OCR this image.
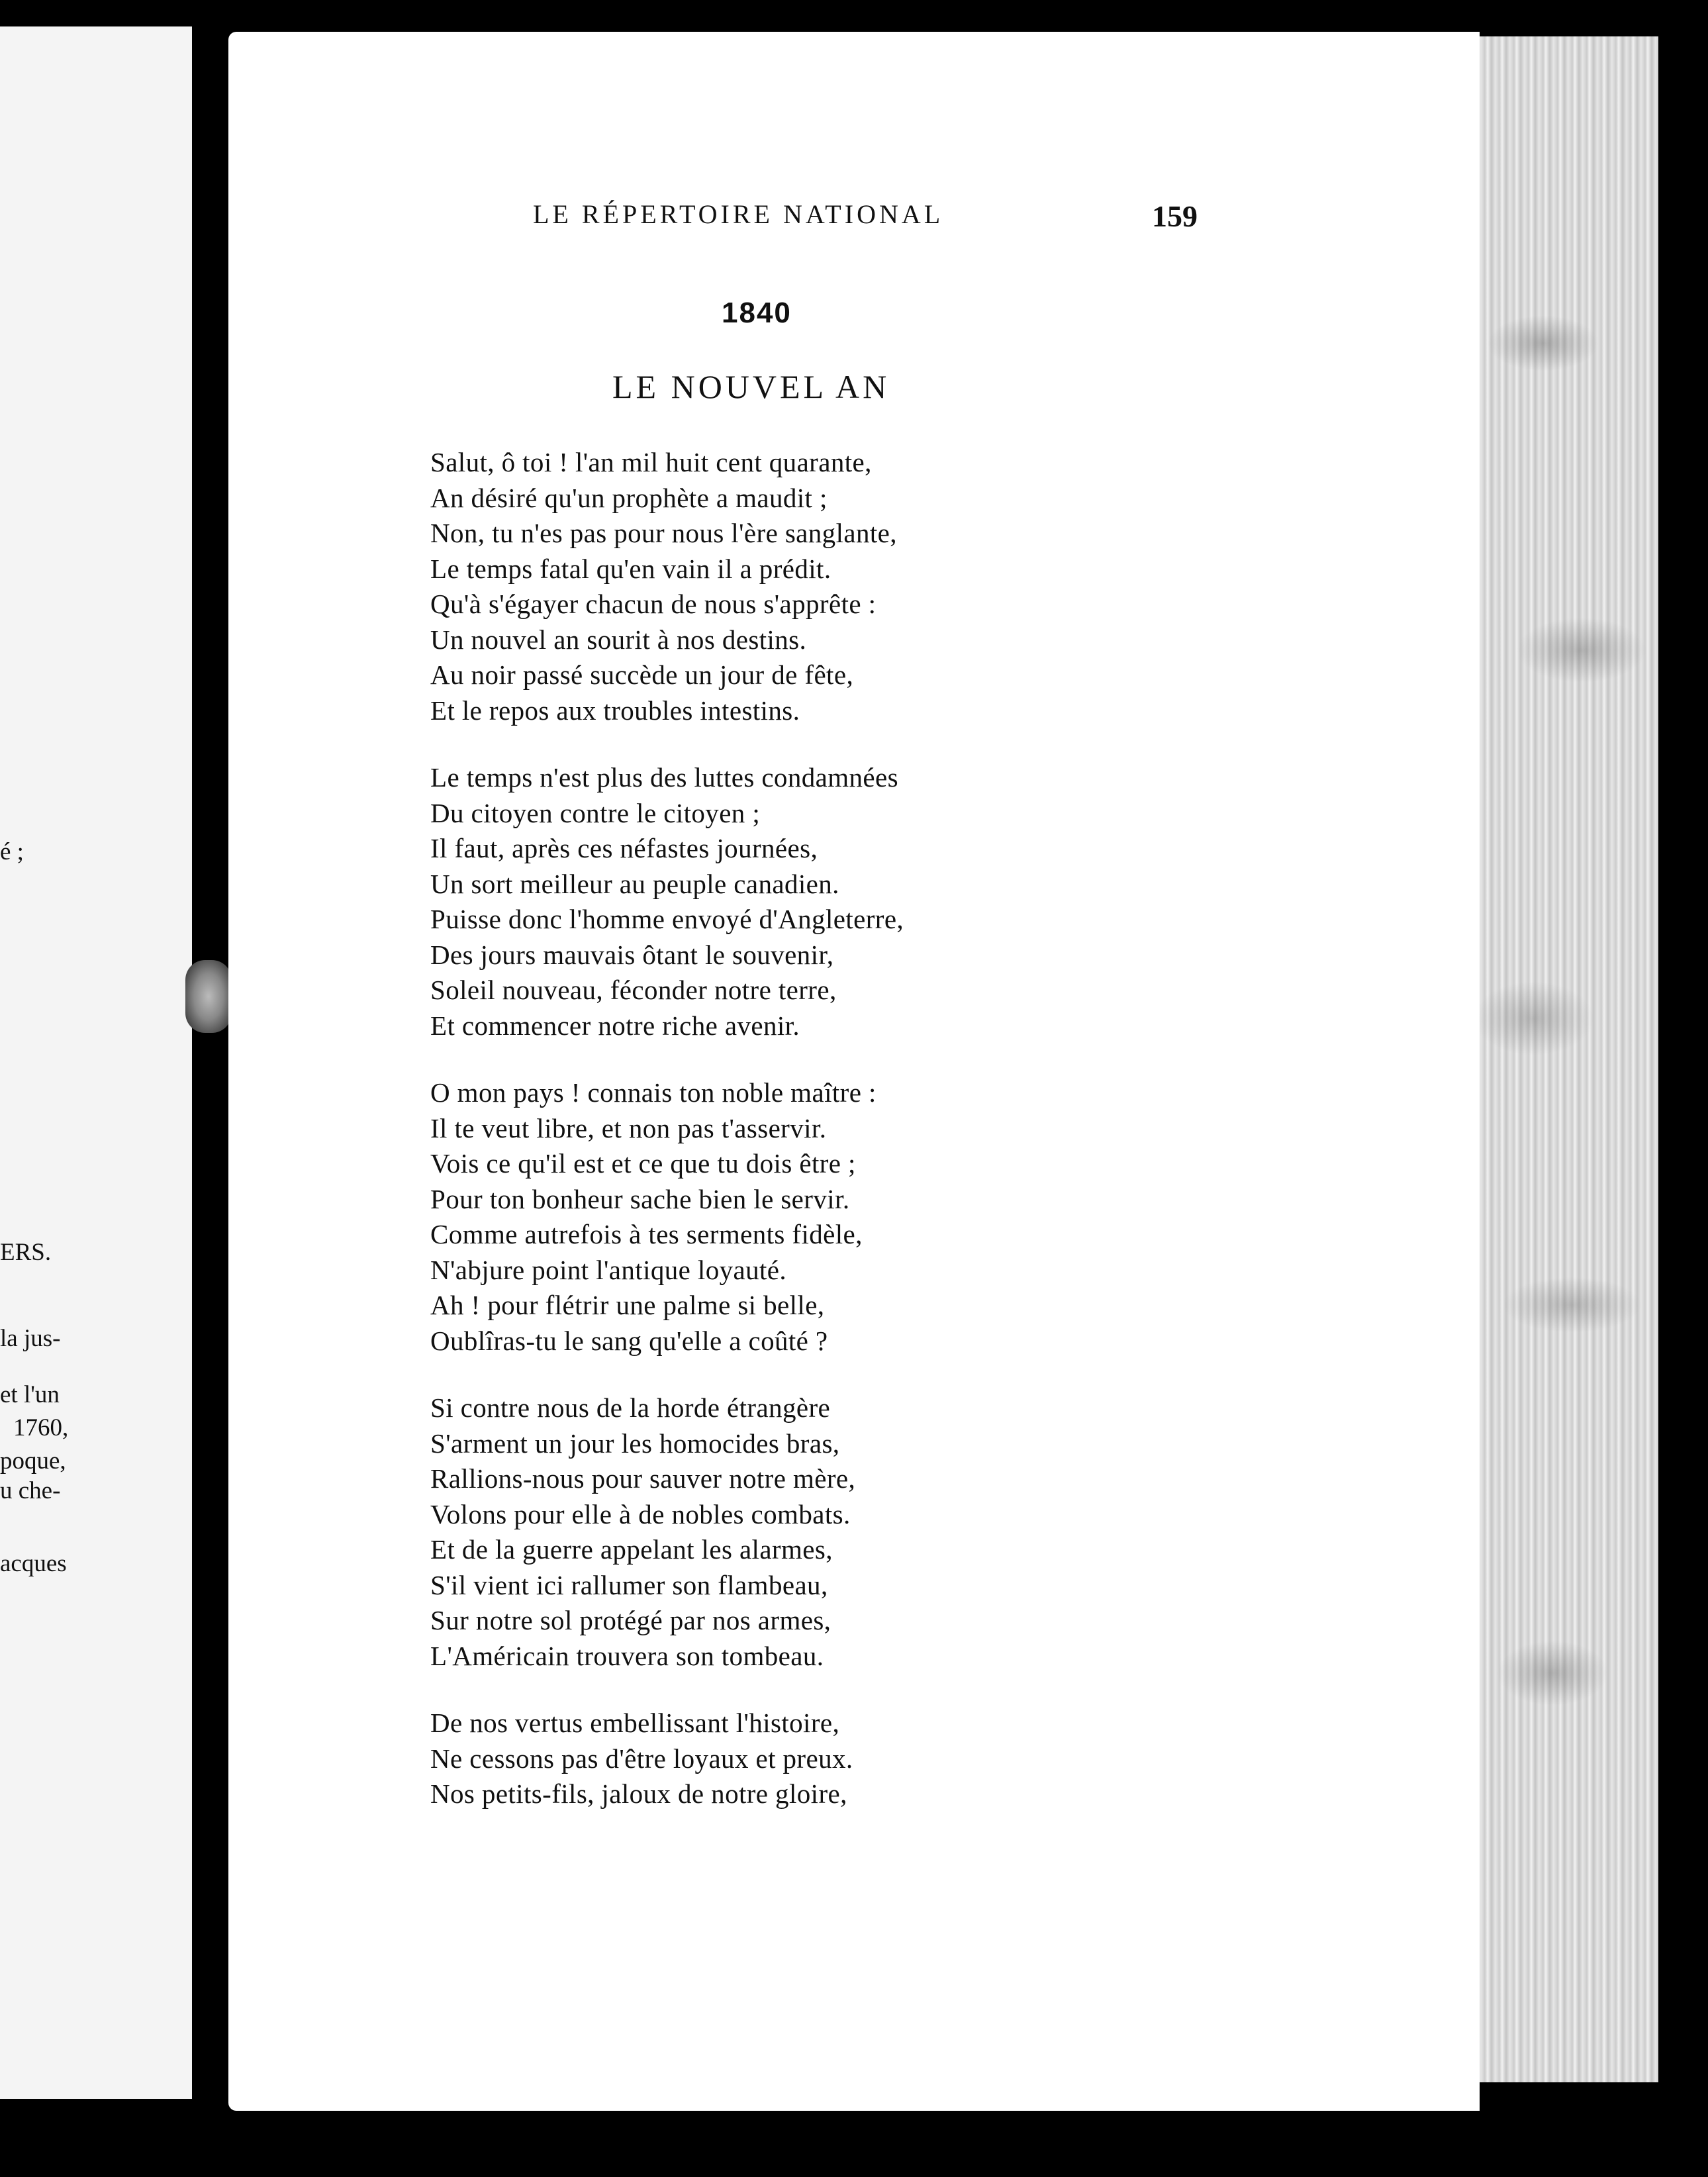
é ;
ERS.
la jus-
et l'un
1760,
poque,
u che-
acques
LE RÉPERTOIRE NATIONAL	159
1840
LE NOUVEL AN
Salut, ô toi ! l'an mil huit cent quarante,
An désiré qu'un prophète a maudit ;
Non, tu n'es pas pour nous l'ère sanglante,
Le temps fatal qu'en vain il a prédit.
Qu'à s'égayer chacun de nous s'apprête :
Un nouvel an sourit à nos destins.
Au noir passé succède un jour de fête,
Et le repos aux troubles intestins.
Le temps n'est plus des luttes condamnées
Du citoyen contre le citoyen ;
Il faut, après ces néfastes journées,
Un sort meilleur au peuple canadien.
Puisse donc l'homme envoyé d'Angleterre,
Des jours mauvais ôtant le souvenir,
Soleil nouveau, féconder notre terre,
Et commencer notre riche avenir.
O mon pays ! connais ton noble maître :
Il te veut libre, et non pas t'asservir.
Vois ce qu'il est et ce que tu dois être ;
Pour ton bonheur sache bien le servir.
Comme autrefois à tes serments fidèle,
N'abjure point l'antique loyauté.
Ah ! pour flétrir une palme si belle,
Oublîras-tu le sang qu'elle a coûté ?
Si contre nous de la horde étrangère
S'arment un jour les homocides bras,
Rallions-nous pour sauver notre mère,
Volons pour elle à de nobles combats.
Et de la guerre appelant les alarmes,
S'il vient ici rallumer son flambeau,
Sur notre sol protégé par nos armes,
L'Américain trouvera son tombeau.
De nos vertus embellissant l'histoire,
Ne cessons pas d'être loyaux et preux.
Nos petits-fils, jaloux de notre gloire,
